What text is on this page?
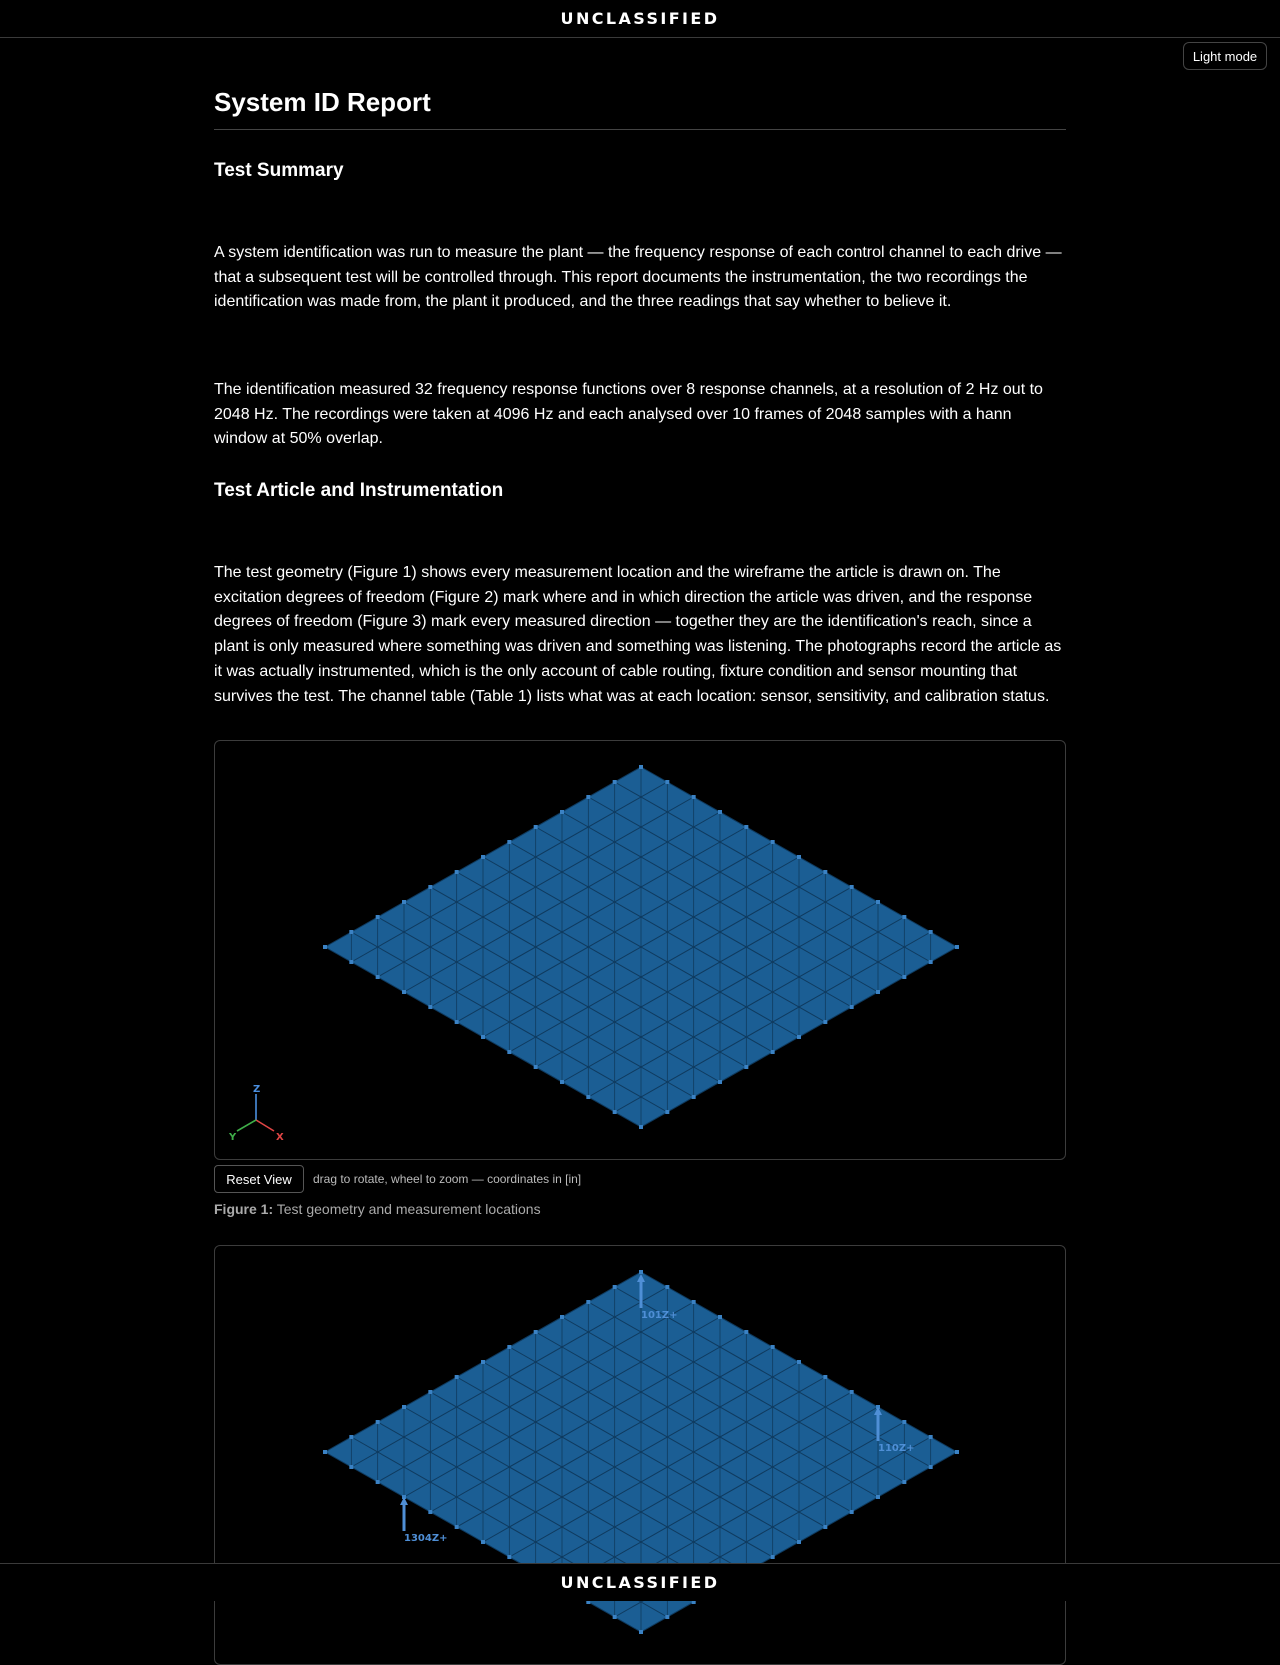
UNCLASSIFIED
Light mode
System ID Report
Test Summary

A system identification was run to measure the plant — the frequency response of each control channel to each drive — that a subsequent test will be controlled through. This report documents the instrumentation, the two recordings the identification was made from, the plant it produced, and the three readings that say whether to believe it.

The identification measured 32 frequency response functions over 8 response channels, at a resolution of 2 Hz out to 2048 Hz. The recordings were taken at 4096 Hz and each analysed over 10 frames of 2048 samples with a hann window at 50% overlap.

Test Article and Instrumentation

The test geometry (Figure 1) shows every measurement location and the wireframe the article is drawn on. The excitation degrees of freedom (Figure 2) mark where and in which direction the article was driven, and the response degrees of freedom (Figure 3) mark every measured direction — together they are the identification's reach, since a plant is only measured where something was driven and something was listening. The photographs record the article as it was actually instrumented, which is the only account of cable routing, fixture condition and sensor mounting that survives the test. The channel table (Table 1) lists what was at each location: sensor, sensitivity, and calibration status.

Z
X
Y
Reset View	drag to rotate, wheel to zoom — coordinates in [in]
Figure 1: Test geometry and measurement locations
101Z+
110Z+
1304Z+
UNCLASSIFIED
